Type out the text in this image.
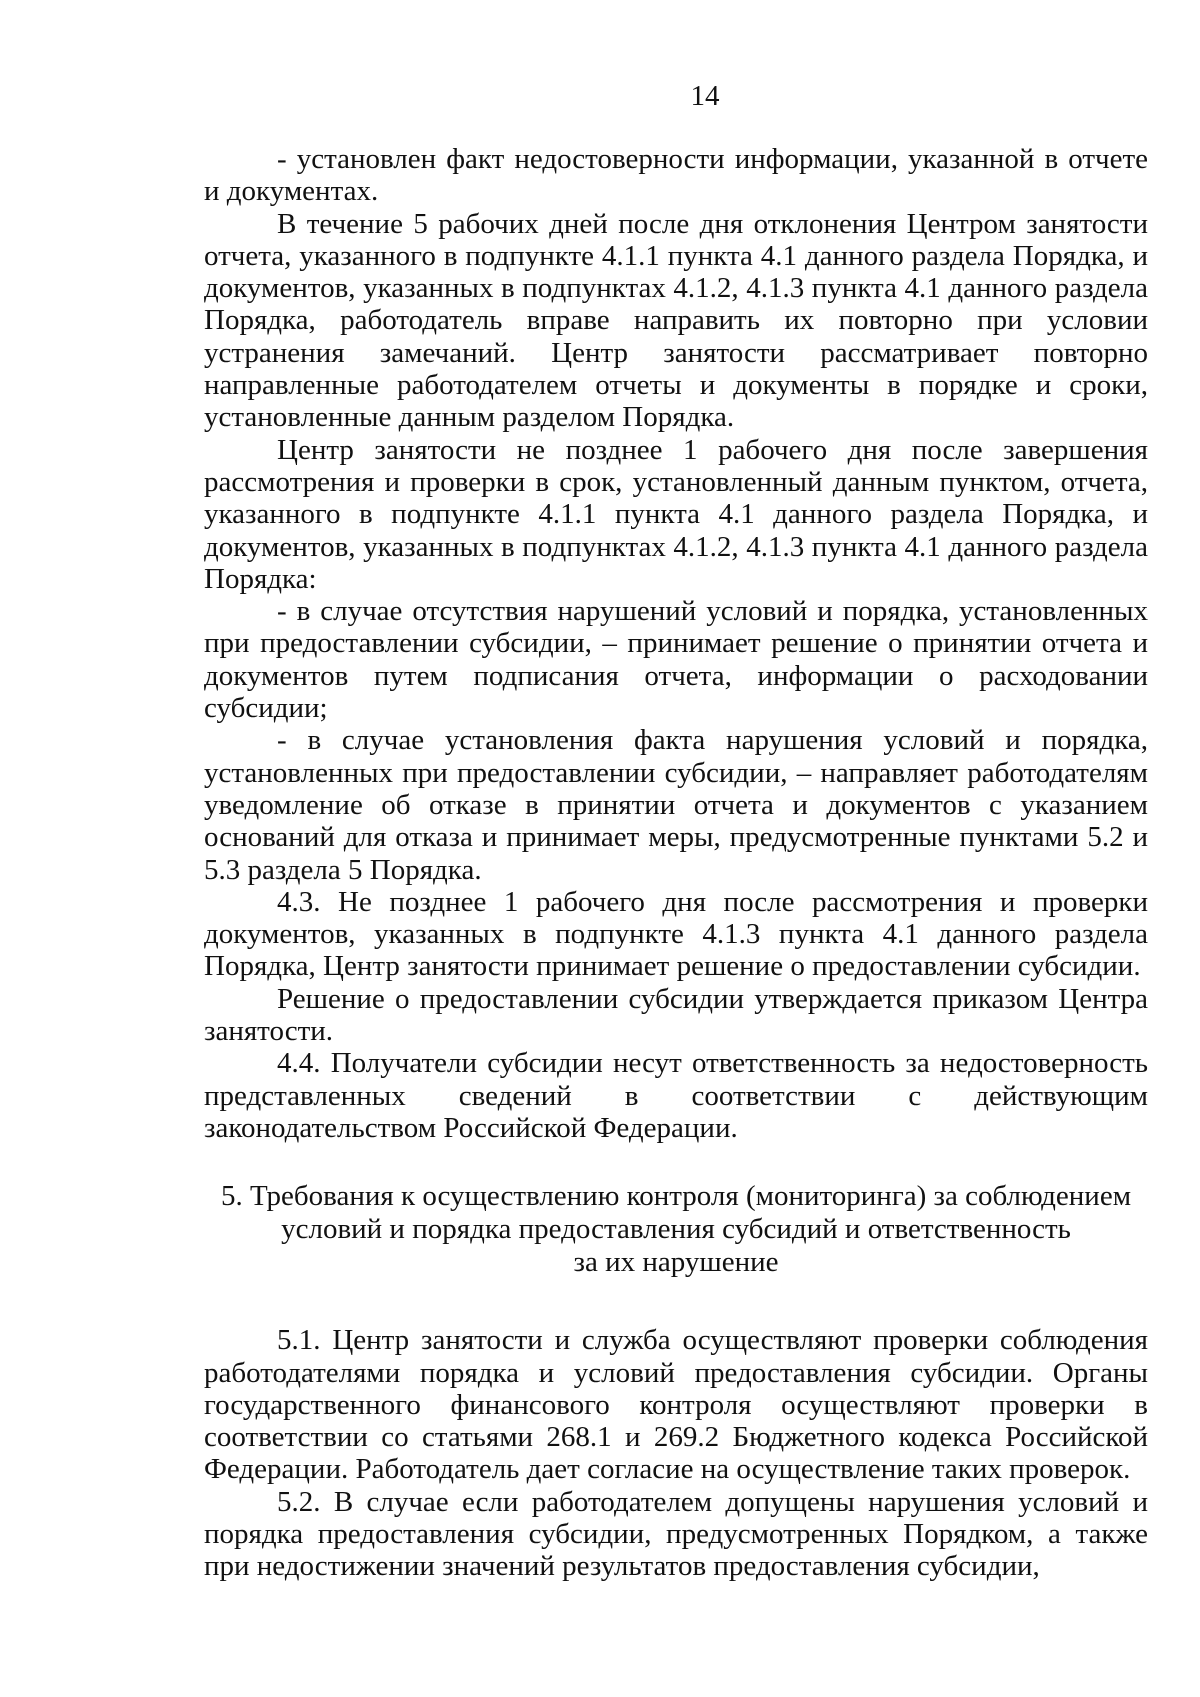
14

- установлен факт недостоверности информации, указанной в отчете и документах.

В течение 5 рабочих дней после дня отклонения Центром занятости отчета, указанного в подпункте 4.1.1 пункта 4.1 данного раздела Порядка, и документов, указанных в подпунктах 4.1.2, 4.1.3 пункта 4.1 данного раздела Порядка, работодатель вправе направить их повторно при условии устранения замечаний. Центр занятости рассматривает повторно направленные работодателем отчеты и документы в порядке и сроки, установленные данным разделом Порядка.

Центр занятости не позднее 1 рабочего дня после завершения рассмотрения и проверки в срок, установленный данным пунктом, отчета, указанного в подпункте 4.1.1 пункта 4.1 данного раздела Порядка, и документов, указанных в подпунктах 4.1.2, 4.1.3 пункта 4.1 данного раздела Порядка:

- в случае отсутствия нарушений условий и порядка, установленных при предоставлении субсидии, – принимает решение о принятии отчета и документов путем подписания отчета, информации о расходовании субсидии;

- в случае установления факта нарушения условий и порядка, установленных при предоставлении субсидии, – направляет работодателям уведомление об отказе в принятии отчета и документов с указанием оснований для отказа и принимает меры, предусмотренные пунктами 5.2 и 5.3 раздела 5 Порядка.

4.3. Не позднее 1 рабочего дня после рассмотрения и проверки документов, указанных в подпункте 4.1.3 пункта 4.1 данного раздела Порядка, Центр занятости принимает решение о предоставлении субсидии.

Решение о предоставлении субсидии утверждается приказом Центра занятости.

4.4. Получатели субсидии несут ответственность за недостоверность представленных сведений в соответствии с действующим законодательством Российской Федерации.

5. Требования к осуществлению контроля (мониторинга) за соблюдением
условий и порядка предоставления субсидий и ответственность
за их нарушение

5.1. Центр занятости и служба осуществляют проверки соблюдения работодателями порядка и условий предоставления субсидии. Органы государственного финансового контроля осуществляют проверки в соответствии со статьями 268.1 и 269.2 Бюджетного кодекса Российской Федерации. Работодатель дает согласие на осуществление таких проверок.

5.2. В случае если работодателем допущены нарушения условий и порядка предоставления субсидии, предусмотренных Порядком, а также при недостижении значений результатов предоставления субсидии,
